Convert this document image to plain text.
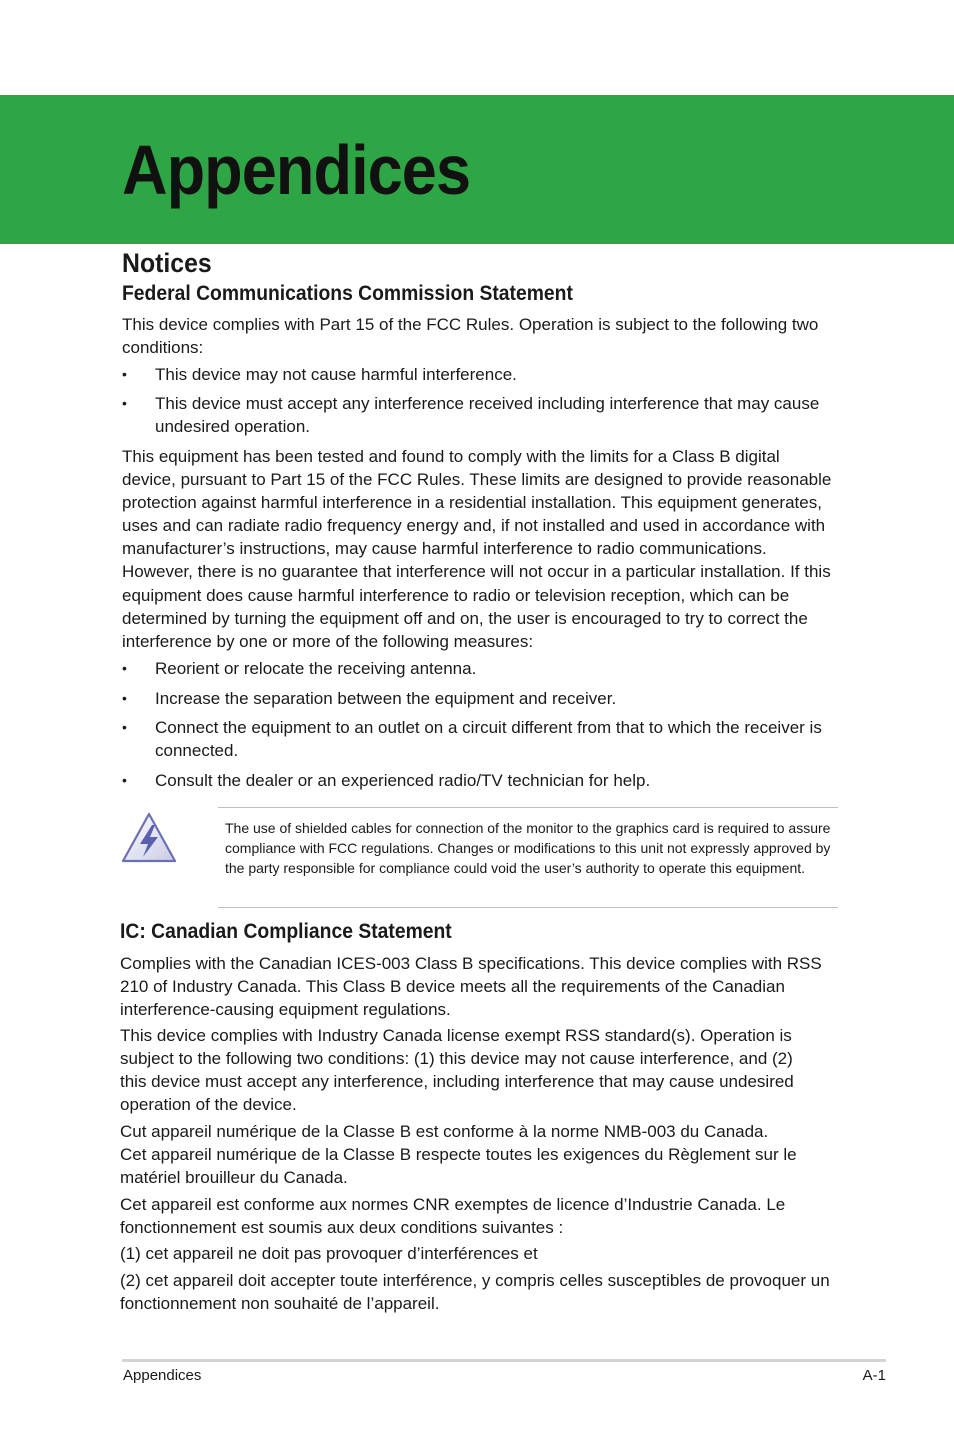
Appendices
Notices
Federal Communications Commission Statement

This device complies with Part 15 of the FCC Rules. Operation is subject to the following two conditions:

• This device may not cause harmful interference.

• This device must accept any interference received including interference that may cause undesired operation.

This equipment has been tested and found to comply with the limits for a Class B digital device, pursuant to Part 15 of the FCC Rules. These limits are designed to provide reasonable protection against harmful interference in a residential installation. This equipment generates, uses and can radiate radio frequency energy and, if not installed and used in accordance with manufacturer’s instructions, may cause harmful interference to radio communications. However, there is no guarantee that interference will not occur in a particular installation. If this equipment does cause harmful interference to radio or television reception, which can be determined by turning the equipment off and on, the user is encouraged to try to correct the interference by one or more of the following measures:

• Reorient or relocate the receiving antenna.

• Increase the separation between the equipment and receiver.

• Connect the equipment to an outlet on a circuit different from that to which the receiver is connected.

• Consult the dealer or an experienced radio/TV technician for help.

The use of shielded cables for connection of the monitor to the graphics card is required to assure compliance with FCC regulations. Changes or modifications to this unit not expressly approved by the party responsible for compliance could void the user’s authority to operate this equipment.

IC: Canadian Compliance Statement

Complies with the Canadian ICES-003 Class B specifications. This device complies with RSS 210 of Industry Canada. This Class B device meets all the requirements of the Canadian interference-causing equipment regulations.

This device complies with Industry Canada license exempt RSS standard(s). Operation is subject to the following two conditions: (1) this device may not cause interference, and (2) this device must accept any interference, including interference that may cause undesired operation of the device.

Cut appareil numérique de la Classe B est conforme à la norme NMB-003 du Canada.

Cet appareil numérique de la Classe B respecte toutes les exigences du Règlement sur le matériel brouilleur du Canada.

Cet appareil est conforme aux normes CNR exemptes de licence d’Industrie Canada. Le fonctionnement est soumis aux deux conditions suivantes :

(1) cet appareil ne doit pas provoquer d’interférences et

(2) cet appareil doit accepter toute interférence, y compris celles susceptibles de provoquer un fonctionnement non souhaité de l’appareil.

Appendices	A-1
